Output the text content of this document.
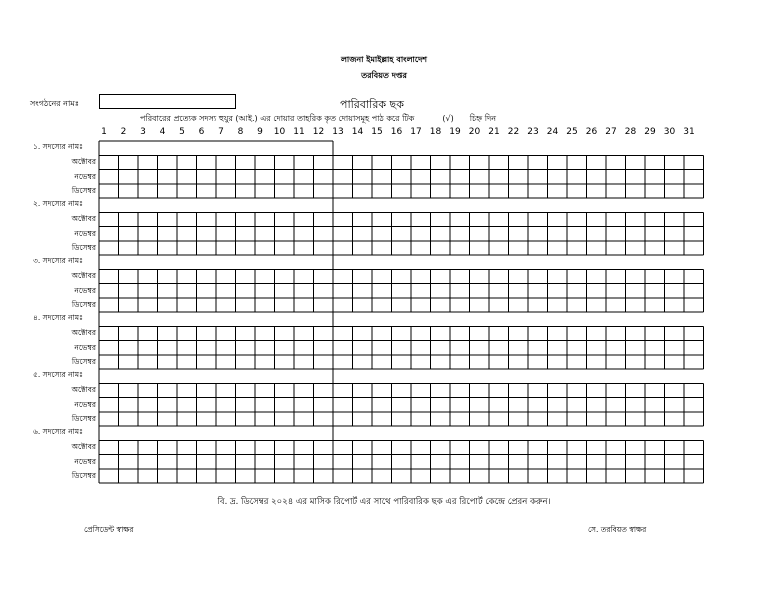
লাজনা ইমাইল্লাহ বাংলাদেশ
তরবিয়ত দপ্তর
সংগঠনের নামঃ	পারিবারিক ছক
পরিবারের প্রত্যেক সদস্য হুযুর (আই.) এর দোয়ার তাহরিক কৃত দোয়াসমূহ পাঠ করে টিক	(√) চিহ্ন দিন
1	2	3	4	5	6	7	8	9	10 11 12 13 14 15 16 17 18 19 20 21 22 23 24 25 26 27 28 29 30 31
১. সদস্যের নামঃ
অক্টোবর
নভেম্বর
ডিসেম্বর
২. সদস্যের নামঃ
অক্টোবর
নভেম্বর
ডিসেম্বর
৩. সদস্যের নামঃ
অক্টোবর
নভেম্বর
ডিসেম্বর
৪. সদস্যের নামঃ
অক্টোবর
নভেম্বর
ডিসেম্বর
৫. সদস্যের নামঃ
অক্টোবর
নভেম্বর
ডিসেম্বর
৬. সদস্যের নামঃ
অক্টোবর
নভেম্বর
ডিসেম্বর
বি. দ্র. ডিসেম্বর ২০২৪ এর মাসিক রিপোর্ট এর সাথে পারিবারিক ছক এর রিপোর্ট কেন্দ্রে প্রেরন করুন।
প্রেসিডেন্ট স্বাক্ষর	সে. তরবিয়ত স্বাক্ষর
